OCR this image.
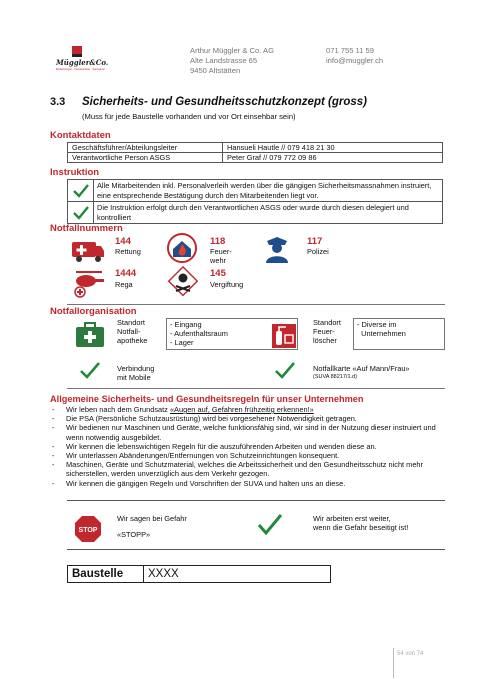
Müggler&Co.
Bedachungen · Fassadenbau · Spenglerei
Arthur Müggler & Co. AG
Alte Landstrasse 65
9450 Altstätten
071 755 11 59
info@muggler.ch
3.3 Sicherheits- und Gesundheitsschutzkonzept (gross)
(Muss für jede Baustelle vorhanden und vor Ort einsehbar sein)
Kontaktdaten
Geschäftsführer/Abteilungsleiter	Hansueli Hautle // 079 418 21 30
Verantwortliche Person ASGS	Peter Graf // 079 772 09 86
Instruktion
Alle Mitarbeitenden inkl. Personalverleih werden über die gängigen Sicherheitsmassnahmen instruiert, eine entsprechende Bestätigung durch den Mitarbeitenden liegt vor.
Die Instruktion erfolgt durch den Verantwortlichen ASGS oder wurde durch diesen delegiert und kontrolliert
Notfallnummern
144
Rettung
118
Feuer-
wehr
117
Polizei
1444
Rega
145
Vergiftung
Notfallorganisation
Standort
Notfall-
apotheke
- Eingang
- Aufenthaltsraum
- Lager
Standort
Feuer-
löscher
- Diverse im
Unternehmen
Verbindung
mit Mobile
Notfallkarte «Auf Mann/Frau»
(SUVA 88217/1.d)
Allgemeine Sicherheits- und Gesundheitsregeln für unser Unternehmen
-	Wir leben nach dem Grundsatz «Augen auf, Gefahren frühzeitig erkennen!»
-	Die PSA (Persönliche Schutzausrüstung) wird bei vorgesehener Notwendigkeit getragen.
-	Wir bedienen nur Maschinen und Geräte, welche funktionsfähig sind, wir sind in der Nutzung dieser instruiert und wenn notwendig ausgebildet.
-	Wir kennen die lebenswichtigen Regeln für die auszuführenden Arbeiten und wenden diese an.
-	Wir unterlassen Abänderungen/Entfernungen von Schutzeinrichtungen konsequent.
-	Maschinen, Geräte und Schutzmaterial, welches die Arbeitssicherheit und den Gesundheitsschutz nicht mehr sicherstellen, werden unverzüglich aus dem Verkehr gezogen.
-	Wir kennen die gängigen Regeln und Vorschriften der SUVA und halten uns an diese.
STOP
Wir sagen bei Gefahr
«STOPP»
Wir arbeiten erst weiter,
wenn die Gefahr beseitigt ist!
Baustelle	XXXX
54 von 74
